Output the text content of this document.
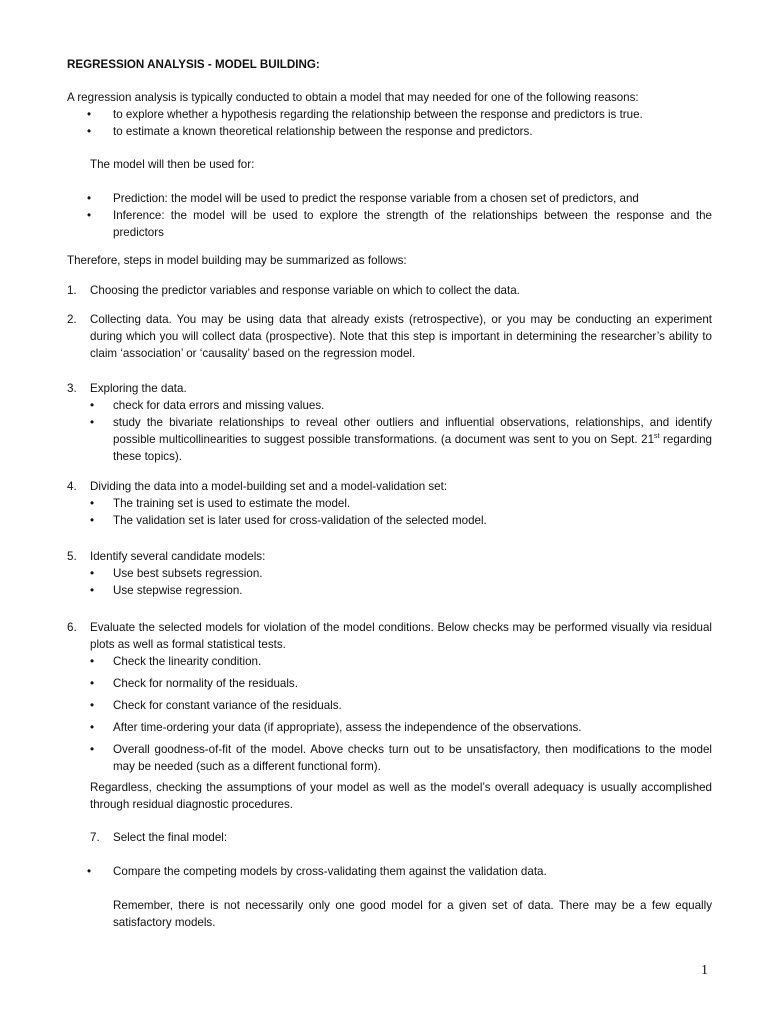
REGRESSION ANALYSIS - MODEL BUILDING:

A regression analysis is typically conducted to obtain a model that may needed for one of the following reasons:

• to explore whether a hypothesis regarding the relationship between the response and predictors is true.
• to estimate a known theoretical relationship between the response and predictors.

The model will then be used for:

• Prediction: the model will be used to predict the response variable from a chosen set of predictors, and
• Inference: the model will be used to explore the strength of the relationships between the response and the predictors

Therefore, steps in model building may be summarized as follows:

1. Choosing the predictor variables and response variable on which to collect the data.

2. Collecting data. You may be using data that already exists (retrospective), or you may be conducting an experiment during which you will collect data (prospective). Note that this step is important in determining the researcher’s ability to claim ‘association’ or ‘causality’ based on the regression model.

3. Exploring the data.

• check for data errors and missing values.
• study the bivariate relationships to reveal other outliers and influential observations, relationships, and identify possible multicollinearities to suggest possible transformations. (a document was sent to you on Sept. 21st regarding these topics).
4. Dividing the data into a model-building set and a model-validation set:

• The training set is used to estimate the model.
• The validation set is later used for cross-validation of the selected model.
5. Identify several candidate models:

• Use best subsets regression.
• Use stepwise regression.
6. Evaluate the selected models for violation of the model conditions. Below checks may be performed visually via residual plots as well as formal statistical tests.

• Check the linearity condition.
• Check for normality of the residuals.
• Check for constant variance of the residuals.
• After time-ordering your data (if appropriate), assess the independence of the observations.
• Overall goodness-of-fit of the model. Above checks turn out to be unsatisfactory, then modifications to the model may be needed (such as a different functional form).

Regardless, checking the assumptions of your model as well as the model’s overall adequacy is usually accomplished through residual diagnostic procedures.

7. Select the final model:

• Compare the competing models by cross-validating them against the validation data.

Remember, there is not necessarily only one good model for a given set of data. There may be a few equally satisfactory models.

1
